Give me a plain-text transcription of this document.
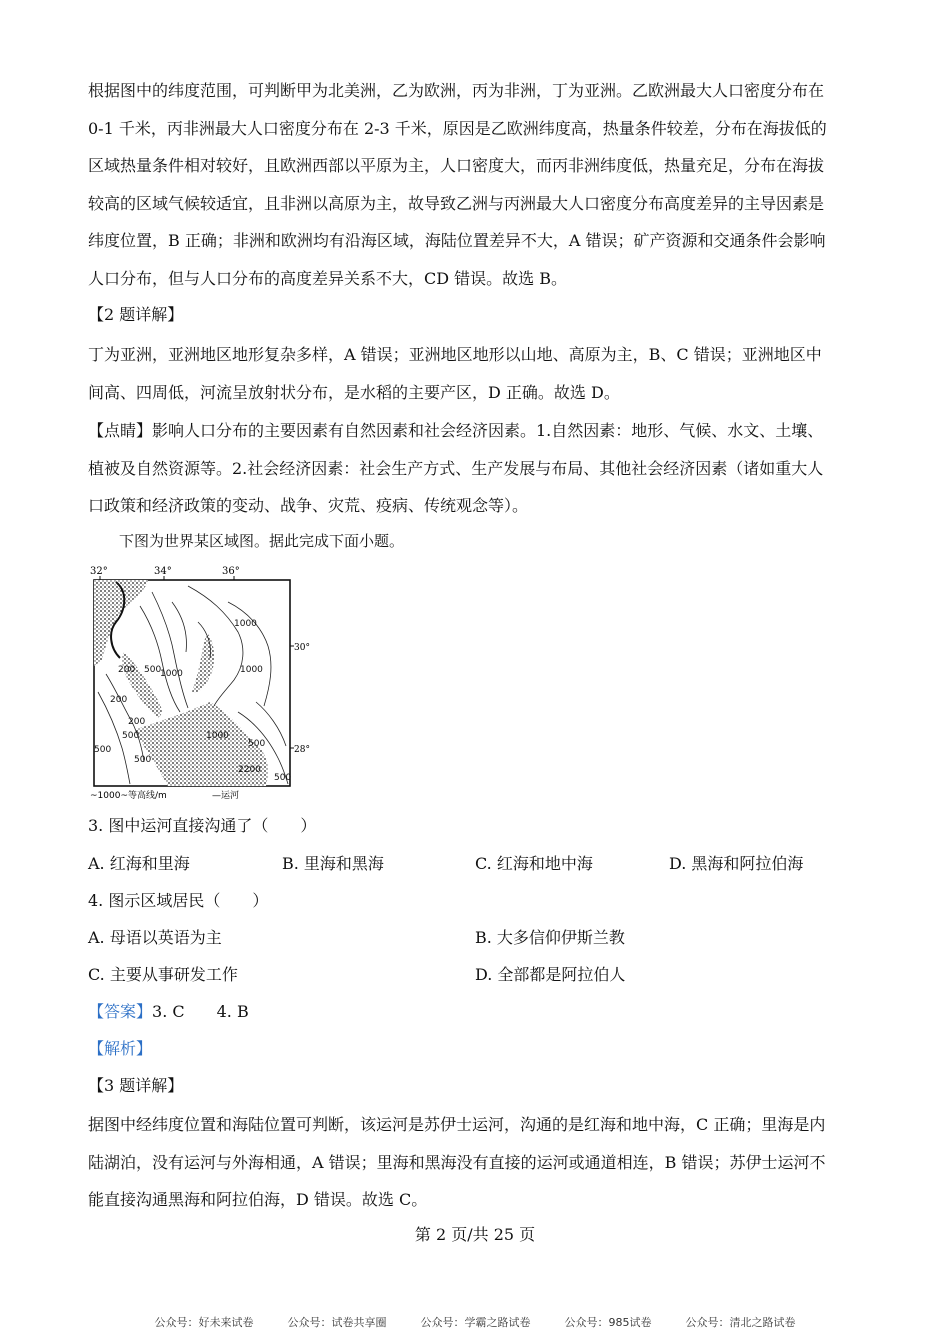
根据图中的纬度范围，可判断甲为北美洲，乙为欧洲，丙为非洲，丁为亚洲。乙欧洲最大人口密度分布在
0-1 千米，丙非洲最大人口密度分布在 2-3 千米，原因是乙欧洲纬度高，热量条件较差，分布在海拔低的
区域热量条件相对较好，且欧洲西部以平原为主，人口密度大，而丙非洲纬度低，热量充足，分布在海拔
较高的区域气候较适宜，且非洲以高原为主，故导致乙洲与丙洲最大人口密度分布高度差异的主导因素是
纬度位置，B 正确；非洲和欧洲均有沿海区域，海陆位置差异不大，A 错误；矿产资源和交通条件会影响
人口分布，但与人口分布的高度差异关系不大，CD 错误。故选 B。
【2 题详解】
丁为亚洲，亚洲地区地形复杂多样，A 错误；亚洲地区地形以山地、高原为主，B、C 错误；亚洲地区中
间高、四周低，河流呈放射状分布，是水稻的主要产区，D 正确。故选 D。
【点睛】影响人口分布的主要因素有自然因素和社会经济因素。1.自然因素：地形、气候、水文、土壤、
植被及自然资源等。2.社会经济因素：社会生产方式、生产发展与布局、其他社会经济因素（诸如重大人
口政策和经济政策的变动、战争、灾荒、疫病、传统观念等）。
下图为世界某区域图。据此完成下面小题。
32°	34°	36°
1000
1000
500
1000
200
200
500
200
500
500
1000
2200
500
500
30°
28°
~1000~等高线/m	—运河
3. 图中运河直接沟通了（　　）
A. 红海和里海	B. 里海和黑海	C. 红海和地中海	D. 黑海和阿拉伯海
4. 图示区域居民（　　）
A. 母语以英语为主	B. 大多信仰伊斯兰教
C. 主要从事研发工作	D. 全部都是阿拉伯人
【答案】3. C　　4. B
【解析】
【3 题详解】
据图中经纬度位置和海陆位置可判断，该运河是苏伊士运河，沟通的是红海和地中海，C 正确；里海是内
陆湖泊，没有运河与外海相通，A 错误；里海和黑海没有直接的运河或通道相连，B 错误；苏伊士运河不
能直接沟通黑海和阿拉伯海，D 错误。故选 C。
第 2 页/共 25 页
公众号：好未来试卷	公众号：试卷共享圈	公众号：学霸之路试卷	公众号：985试卷	公众号：清北之路试卷
